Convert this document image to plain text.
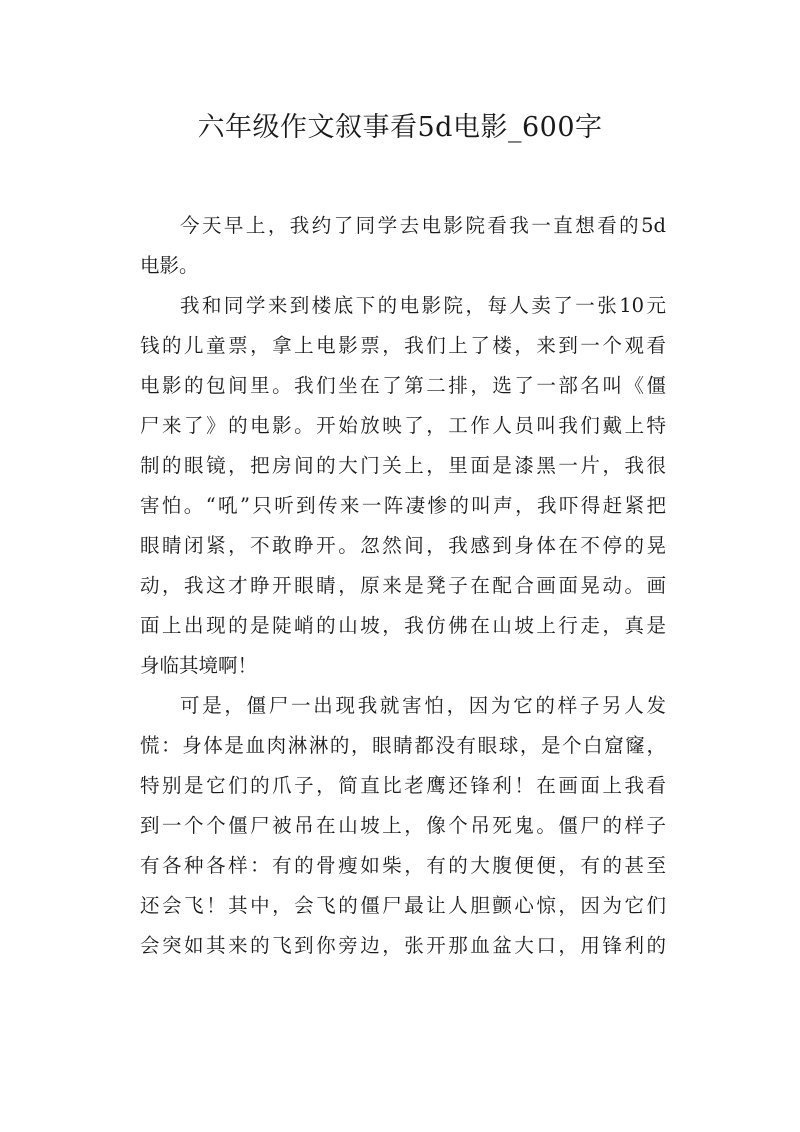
六年级作文叙事看5d电影_600字
今天早上，我约了同学去电影院看我一直想看的5d
电影。
我和同学来到楼底下的电影院，每人卖了一张10元
钱的儿童票，拿上电影票，我们上了楼，来到一个观看
电影的包间里。我们坐在了第二排，选了一部名叫《僵
尸来了》的电影。开始放映了，工作人员叫我们戴上特
制的眼镜，把房间的大门关上，里面是漆黑一片，我很
害怕。“吼”只听到传来一阵凄惨的叫声，我吓得赶紧把
眼睛闭紧，不敢睁开。忽然间，我感到身体在不停的晃
动，我这才睁开眼睛，原来是凳子在配合画面晃动。画
面上出现的是陡峭的山坡，我仿佛在山坡上行走，真是
身临其境啊！
可是，僵尸一出现我就害怕，因为它的样子另人发
慌：身体是血肉淋淋的，眼睛都没有眼球，是个白窟窿，
特别是它们的爪子，简直比老鹰还锋利！在画面上我看
到一个个僵尸被吊在山坡上，像个吊死鬼。僵尸的样子
有各种各样：有的骨瘦如柴，有的大腹便便，有的甚至
还会飞！其中，会飞的僵尸最让人胆颤心惊，因为它们
会突如其来的飞到你旁边，张开那血盆大口，用锋利的
